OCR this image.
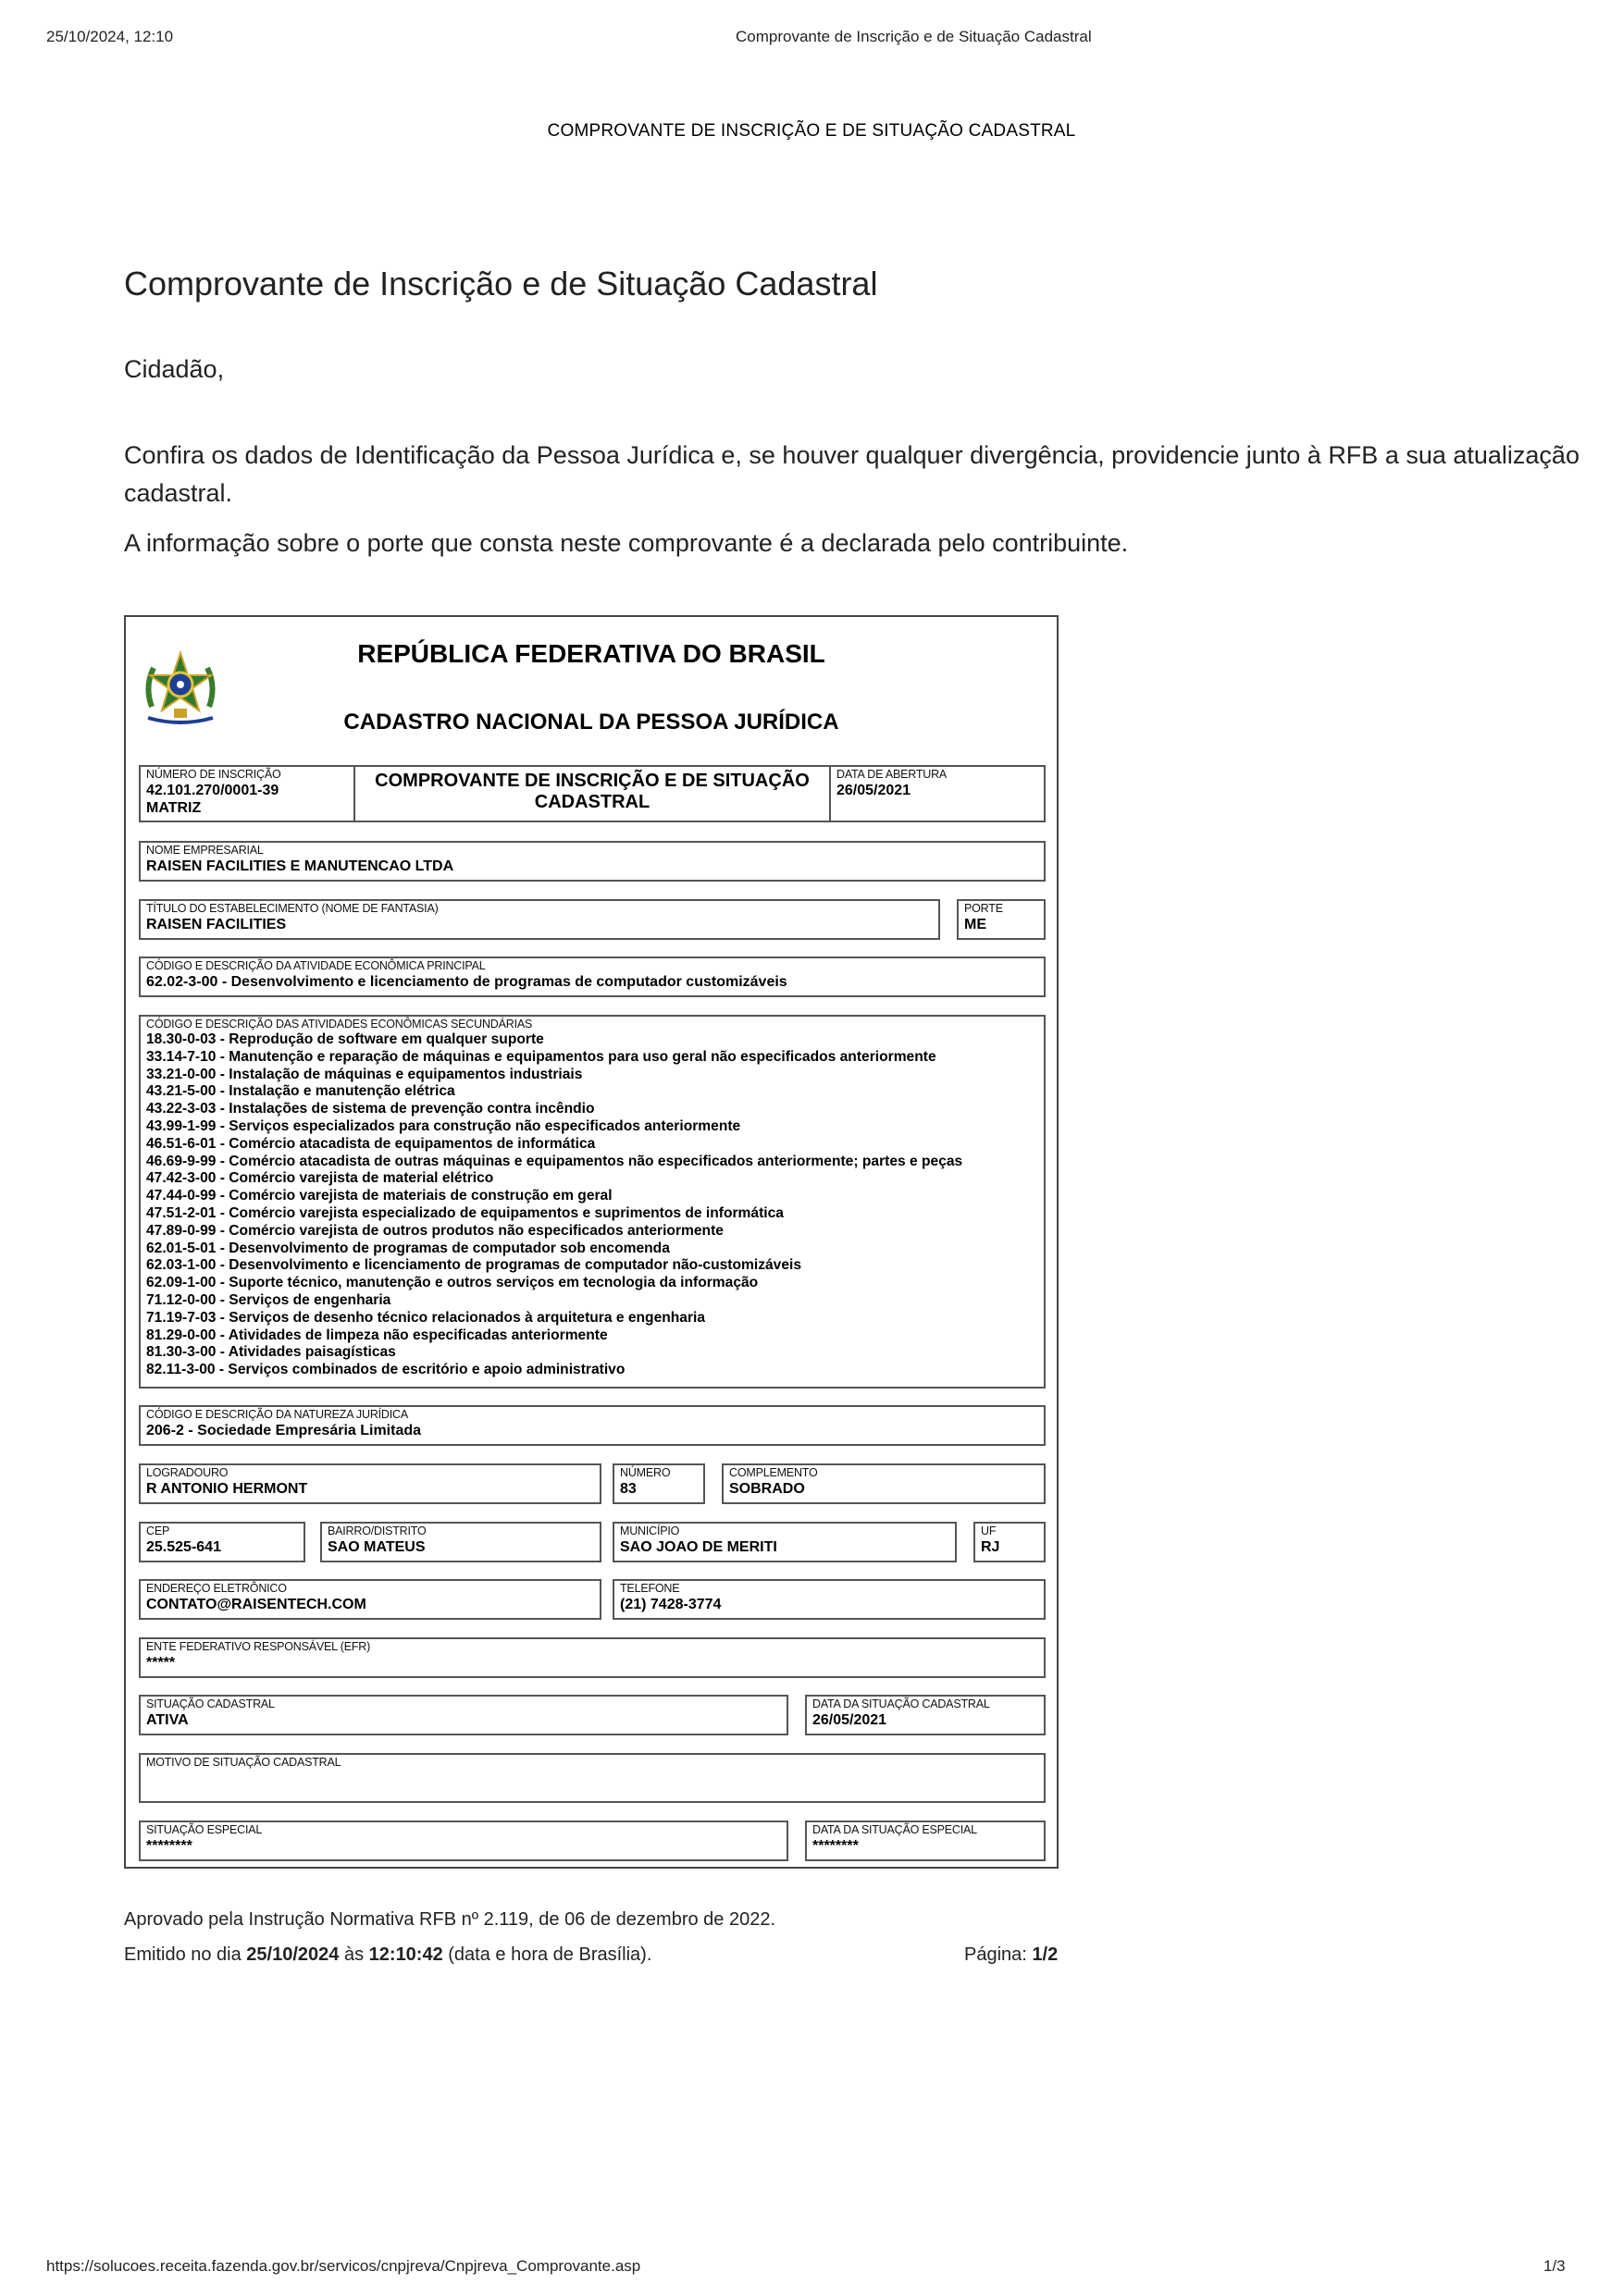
25/10/2024, 12:10	Comprovante de Inscrição e de Situação Cadastral
COMPROVANTE DE INSCRIÇÃO E DE SITUAÇÃO CADASTRAL
Comprovante de Inscrição e de Situação Cadastral
Cidadão,
Confira os dados de Identificação da Pessoa Jurídica e, se houver qualquer divergência, providencie junto à RFB a sua atualização
cadastral.
A informação sobre o porte que consta neste comprovante é a declarada pelo contribuinte.
REPÚBLICA FEDERATIVA DO BRASIL
CADASTRO NACIONAL DA PESSOA JURÍDICA
NÚMERO DE INSCRIÇÃO
42.101.270/0001-39
MATRIZ
COMPROVANTE DE INSCRIÇÃO E DE SITUAÇÃO
CADASTRAL
DATA DE ABERTURA
26/05/2021
NOME EMPRESARIAL
RAISEN FACILITIES E MANUTENCAO LTDA
TÍTULO DO ESTABELECIMENTO (NOME DE FANTASIA)
RAISEN FACILITIES
PORTE
ME
CÓDIGO E DESCRIÇÃO DA ATIVIDADE ECONÔMICA PRINCIPAL
62.02-3-00 - Desenvolvimento e licenciamento de programas de computador customizáveis
CÓDIGO E DESCRIÇÃO DAS ATIVIDADES ECONÔMICAS SECUNDÁRIAS
18.30-0-03 - Reprodução de software em qualquer suporte
33.14-7-10 - Manutenção e reparação de máquinas e equipamentos para uso geral não especificados anteriormente
33.21-0-00 - Instalação de máquinas e equipamentos industriais
43.21-5-00 - Instalação e manutenção elétrica
43.22-3-03 - Instalações de sistema de prevenção contra incêndio
43.99-1-99 - Serviços especializados para construção não especificados anteriormente
46.51-6-01 - Comércio atacadista de equipamentos de informática
46.69-9-99 - Comércio atacadista de outras máquinas e equipamentos não especificados anteriormente; partes e peças
47.42-3-00 - Comércio varejista de material elétrico
47.44-0-99 - Comércio varejista de materiais de construção em geral
47.51-2-01 - Comércio varejista especializado de equipamentos e suprimentos de informática
47.89-0-99 - Comércio varejista de outros produtos não especificados anteriormente
62.01-5-01 - Desenvolvimento de programas de computador sob encomenda
62.03-1-00 - Desenvolvimento e licenciamento de programas de computador não-customizáveis
62.09-1-00 - Suporte técnico, manutenção e outros serviços em tecnologia da informação
71.12-0-00 - Serviços de engenharia
71.19-7-03 - Serviços de desenho técnico relacionados à arquitetura e engenharia
81.29-0-00 - Atividades de limpeza não especificadas anteriormente
81.30-3-00 - Atividades paisagísticas
82.11-3-00 - Serviços combinados de escritório e apoio administrativo
CÓDIGO E DESCRIÇÃO DA NATUREZA JURÍDICA
206-2 - Sociedade Empresária Limitada
LOGRADOURO
R ANTONIO HERMONT
NÚMERO
83
COMPLEMENTO
SOBRADO
CEP
25.525-641
BAIRRO/DISTRITO
SAO MATEUS
MUNICÍPIO
SAO JOAO DE MERITI
UF
RJ
ENDEREÇO ELETRÔNICO
CONTATO@RAISENTECH.COM
TELEFONE
(21) 7428-3774
ENTE FEDERATIVO RESPONSÁVEL (EFR)
*****
SITUAÇÃO CADASTRAL
ATIVA
DATA DA SITUAÇÃO CADASTRAL
26/05/2021
MOTIVO DE SITUAÇÃO CADASTRAL
SITUAÇÃO ESPECIAL
********
DATA DA SITUAÇÃO ESPECIAL
********
Aprovado pela Instrução Normativa RFB nº 2.119, de 06 de dezembro de 2022.
Emitido no dia 25/10/2024 às 12:10:42 (data e hora de Brasília).	Página: 1/2
https://solucoes.receita.fazenda.gov.br/servicos/cnpjreva/Cnpjreva_Comprovante.asp	1/3
